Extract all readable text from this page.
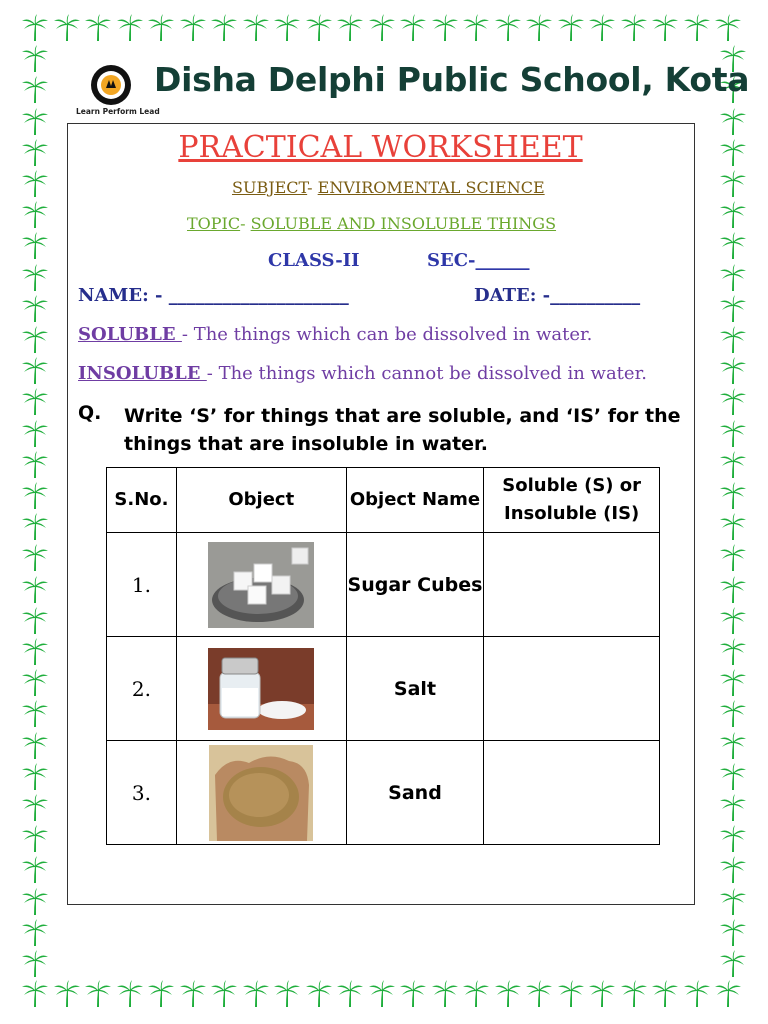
Disha Delphi Public School, Kota
Learn Perform Lead
PRACTICAL WORKSHEET
SUBJECT- ENVIROMENTAL SCIENCE
TOPIC- SOLUBLE AND INSOLUBLE THINGS
CLASS-II	SEC-______
NAME: - ____________________	DATE: -__________
SOLUBLE - The things which can be dissolved in water.
INSOLUBLE - The things which cannot be dissolved in water.
Q. Write ‘S’ for things that are soluble, and ‘IS’ for the things that are insoluble in water.
S.No.	Object	Object Name	Soluble (S) or Insoluble (IS)
1.		Sugar Cubes	
2.		Salt	
3.		Sand	
